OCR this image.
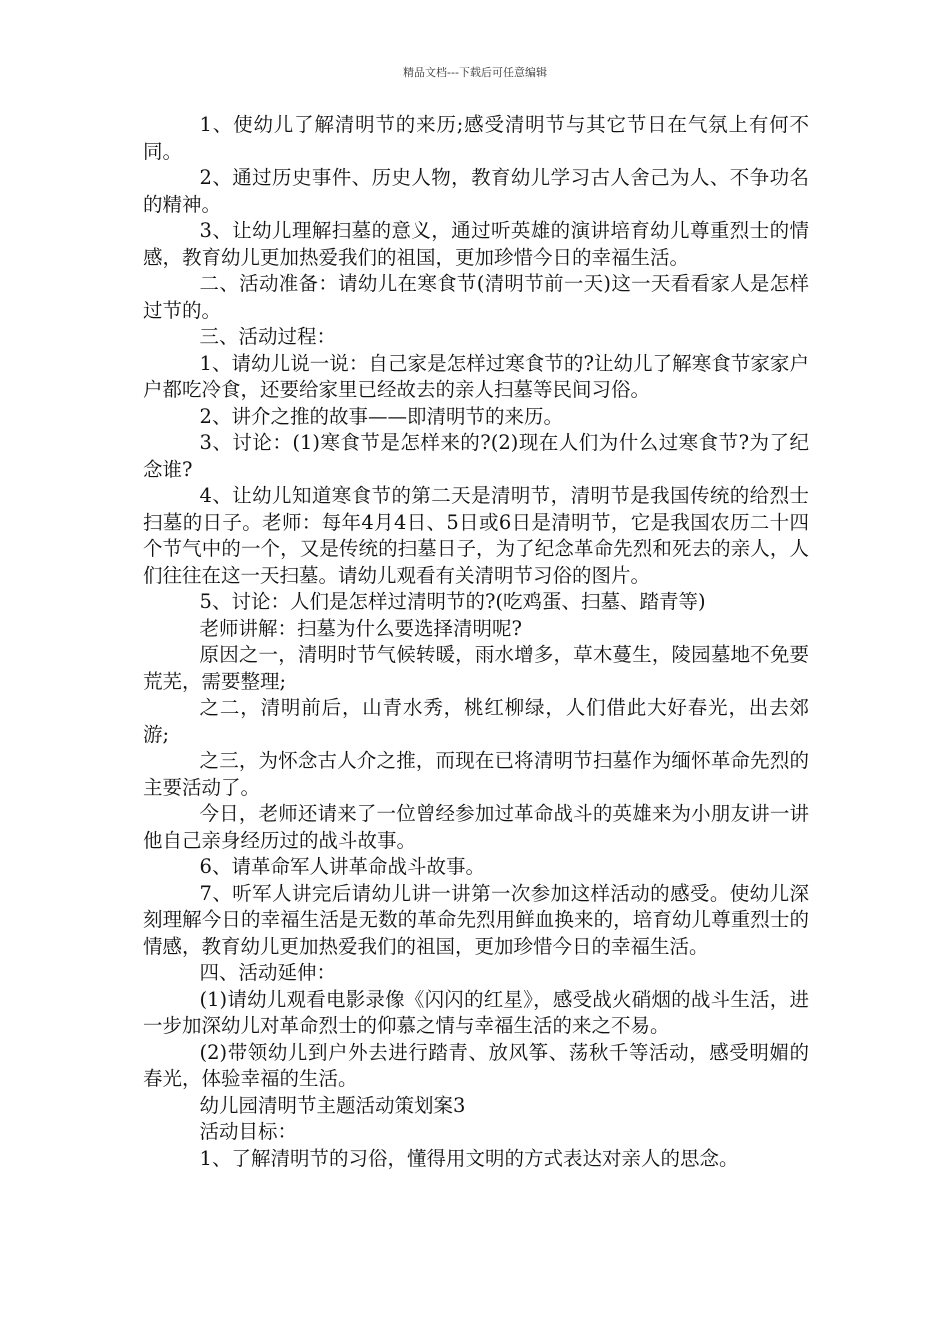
精品文档---下载后可任意编辑

1、使幼儿了解清明节的来历;感受清明节与其它节日在气氛上有何不同。

2、通过历史事件、历史人物，教育幼儿学习古人舍己为人、不争功名的精神。

3、让幼儿理解扫墓的意义，通过听英雄的演讲培育幼儿尊重烈士的情感，教育幼儿更加热爱我们的祖国，更加珍惜今日的幸福生活。

二、活动准备：请幼儿在寒食节(清明节前一天)这一天看看家人是怎样过节的。

三、活动过程：

1、请幼儿说一说：自己家是怎样过寒食节的?让幼儿了解寒食节家家户户都吃冷食，还要给家里已经故去的亲人扫墓等民间习俗。

2、讲介之推的故事——即清明节的来历。

3、讨论：(1)寒食节是怎样来的?(2)现在人们为什么过寒食节?为了纪念谁?

4、让幼儿知道寒食节的第二天是清明节，清明节是我国传统的给烈士扫墓的日子。老师：每年4月4日、5日或6日是清明节，它是我国农历二十四个节气中的一个，又是传统的扫墓日子，为了纪念革命先烈和死去的亲人，人们往往在这一天扫墓。请幼儿观看有关清明节习俗的图片。

5、讨论：人们是怎样过清明节的?(吃鸡蛋、扫墓、踏青等)

老师讲解：扫墓为什么要选择清明呢?

原因之一，清明时节气候转暖，雨水增多，草木蔓生，陵园墓地不免要荒芜，需要整理;

之二，清明前后，山青水秀，桃红柳绿，人们借此大好春光，出去郊游;

之三，为怀念古人介之推，而现在已将清明节扫墓作为缅怀革命先烈的主要活动了。

今日，老师还请来了一位曾经参加过革命战斗的英雄来为小朋友讲一讲他自己亲身经历过的战斗故事。

6、请革命军人讲革命战斗故事。

7、听军人讲完后请幼儿讲一讲第一次参加这样活动的感受。使幼儿深刻理解今日的幸福生活是无数的革命先烈用鲜血换来的，培育幼儿尊重烈士的情感，教育幼儿更加热爱我们的祖国，更加珍惜今日的幸福生活。

四、活动延伸：

(1)请幼儿观看电影录像《闪闪的红星》，感受战火硝烟的战斗生活，进一步加深幼儿对革命烈士的仰慕之情与幸福生活的来之不易。

(2)带领幼儿到户外去进行踏青、放风筝、荡秋千等活动，感受明媚的春光，体验幸福的生活。

幼儿园清明节主题活动策划案3

活动目标：

1、了解清明节的习俗，懂得用文明的方式表达对亲人的思念。
